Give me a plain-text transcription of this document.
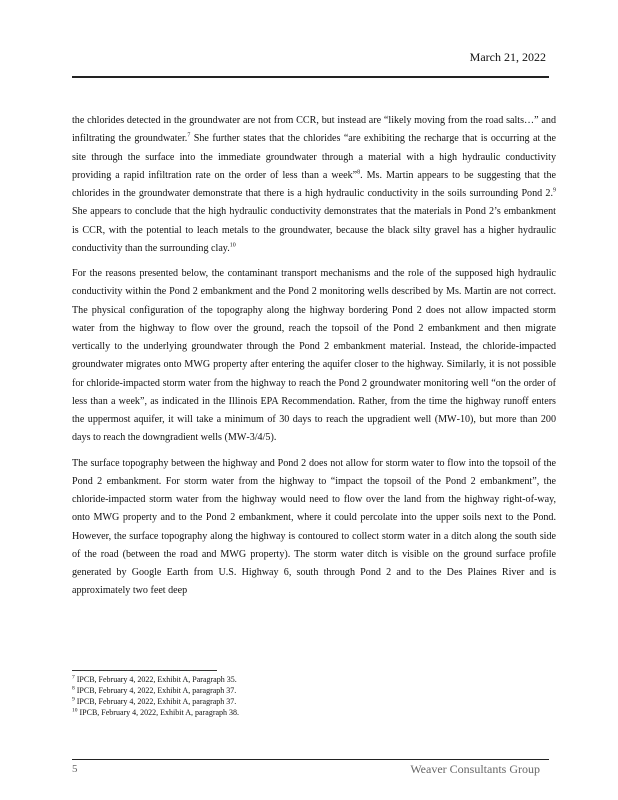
March 21, 2022

the chlorides detected in the groundwater are not from CCR, but instead are “likely moving from the road salts…” and infiltrating the groundwater.$^7$ She further states that the chlorides “are exhibiting the recharge that is occurring at the site through the surface into the immediate groundwater through a material with a high hydraulic conductivity providing a rapid infiltration rate on the order of less than a week”$^8$. Ms. Martin appears to be suggesting that the chlorides in the groundwater demonstrate that there is a high hydraulic conductivity in the soils surrounding Pond 2.$^9$ She appears to conclude that the high hydraulic conductivity demonstrates that the materials in Pond 2’s embankment is CCR, with the potential to leach metals to the groundwater, because the black silty gravel has a higher hydraulic conductivity than the surrounding clay.$^{10}$

For the reasons presented below, the contaminant transport mechanisms and the role of the supposed high hydraulic conductivity within the Pond 2 embankment and the Pond 2 monitoring wells described by Ms. Martin are not correct. The physical configuration of the topography along the highway bordering Pond 2 does not allow impacted storm water from the highway to flow over the ground, reach the topsoil of the Pond 2 embankment and then migrate vertically to the underlying groundwater through the Pond 2 embankment material. Instead, the chloride‐impacted groundwater migrates onto MWG property after entering the aquifer closer to the highway. Similarly, it is not possible for chloride‐impacted storm water from the highway to reach the Pond 2 groundwater monitoring well “on the order of less than a week”, as indicated in the Illinois EPA Recommendation. Rather, from the time the highway runoff enters the uppermost aquifer, it will take a minimum of 30 days to reach the upgradient well (MW‐10), but more than 200 days to reach the downgradient wells (MW‐3/4/5).

The surface topography between the highway and Pond 2 does not allow for storm water to flow into the topsoil of the Pond 2 embankment. For storm water from the highway to “impact the topsoil of the Pond 2 embankment”, the chloride‐impacted storm water from the highway would need to flow over the land from the highway right‐of‐way, onto MWG property and to the Pond 2 embankment, where it could percolate into the upper soils next to the Pond. However, the surface topography along the highway is contoured to collect storm water in a ditch along the south side of the road (between the road and MWG property). The storm water ditch is visible on the ground surface profile generated by Google Earth from U.S. Highway 6, south through Pond 2 and to the Des Plaines River and is approximately two feet deep

$^7$ IPCB, February 4, 2022, Exhibit A, Paragraph 35.
$^8$ IPCB, February 4, 2022, Exhibit A, paragraph 37.
$^9$ IPCB, February 4, 2022, Exhibit A, paragraph 37.
$^{10}$ IPCB, February 4, 2022, Exhibit A, paragraph 38.
5	Weaver Consultants Group
